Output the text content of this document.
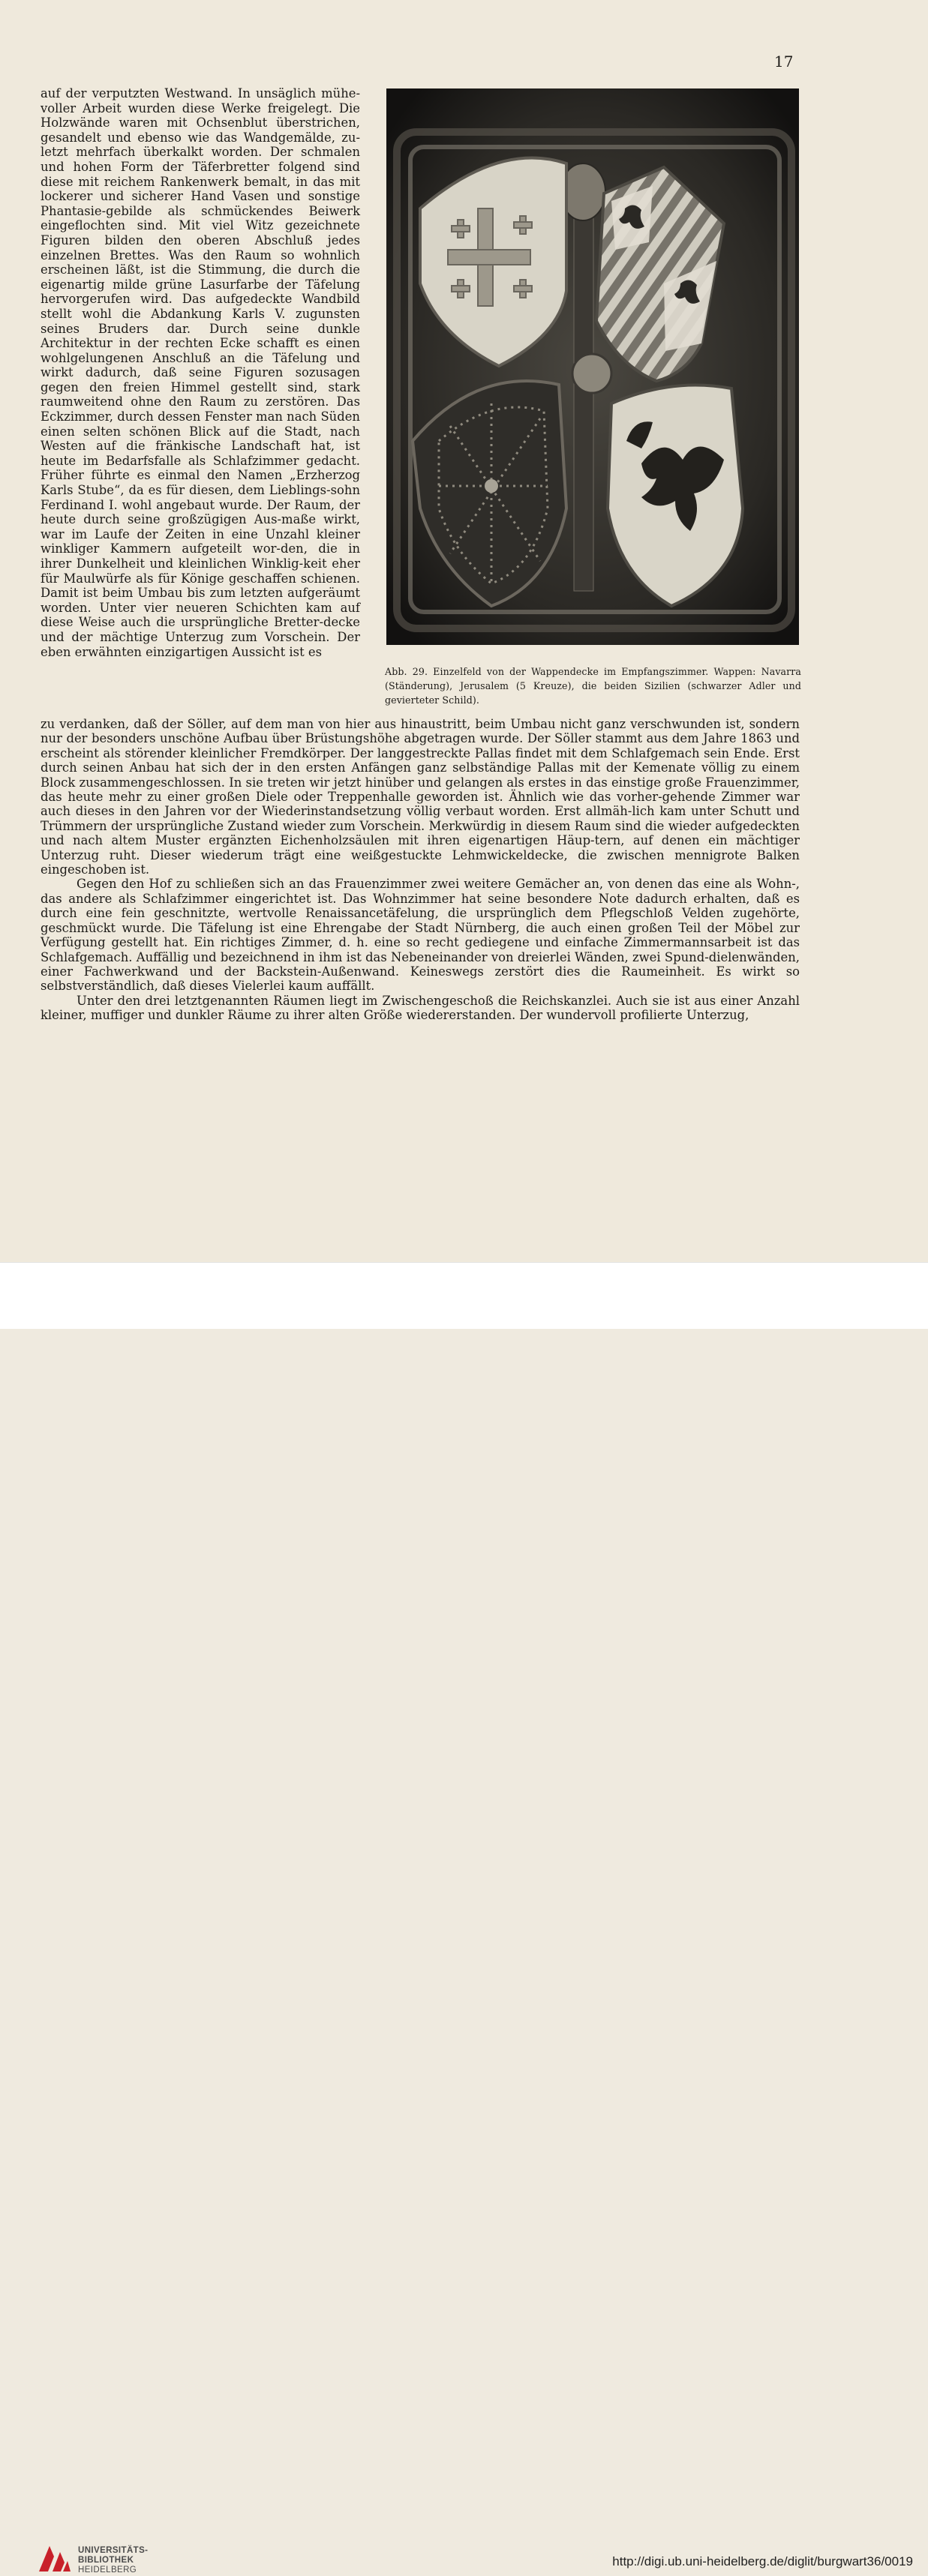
17

auf der verputzten Westwand. In unsäglich mühe-voller Arbeit wurden diese Werke freigelegt. Die Holzwände waren mit Ochsenblut überstrichen, gesandelt und ebenso wie das Wandgemälde, zu-letzt mehrfach überkalkt worden. Der schmalen und hohen Form der Täferbretter folgend sind diese mit reichem Rankenwerk bemalt, in das mit lockerer und sicherer Hand Vasen und sonstige Phantasie-gebilde als schmückendes Beiwerk eingeflochten sind. Mit viel Witz gezeichnete Figuren bilden den oberen Abschluß jedes einzelnen Brettes. Was den Raum so wohnlich erscheinen läßt, ist die Stimmung, die durch die eigenartig milde grüne Lasurfarbe der Täfelung hervorgerufen wird. Das aufgedeckte Wandbild stellt wohl die Abdankung Karls V. zugunsten seines Bruders dar. Durch seine dunkle Architektur in der rechten Ecke schafft es einen wohlgelungenen Anschluß an die Täfelung und wirkt dadurch, daß seine Figuren sozusagen gegen den freien Himmel gestellt sind, stark raumweitend ohne den Raum zu zerstören. Das Eckzimmer, durch dessen Fenster man nach Süden einen selten schönen Blick auf die Stadt, nach Westen auf die fränkische Landschaft hat, ist heute im Bedarfsfalle als Schlafzimmer gedacht. Früher führte es einmal den Namen „Erzherzog Karls Stube“, da es für diesen, dem Lieblings-sohn Ferdinand I. wohl angebaut wurde. Der Raum, der heute durch seine großzügigen Aus-maße wirkt, war im Laufe der Zeiten in eine Unzahl kleiner winkliger Kammern aufgeteilt wor-den, die in ihrer Dunkelheit und kleinlichen Winklig-keit eher für Maulwürfe als für Könige geschaffen schienen. Damit ist beim Umbau bis zum letzten aufgeräumt worden. Unter vier neueren Schichten kam auf diese Weise auch die ursprüngliche Bretter-decke und der mächtige Unterzug zum Vorschein. Der eben erwähnten einzigartigen Aussicht ist es

Abb. 29. Einzelfeld von der Wappendecke im Empfangszimmer. Wappen: Navarra (Ständerung), Jerusalem (5 Kreuze), die beiden Sizilien (schwarzer Adler und gevierteter Schild).

zu verdanken, daß der Söller, auf dem man von hier aus hinaustritt, beim Umbau nicht ganz verschwunden ist, sondern nur der besonders unschöne Aufbau über Brüstungshöhe abgetragen wurde. Der Söller stammt aus dem Jahre 1863 und erscheint als störender kleinlicher Fremdkörper. Der langgestreckte Pallas findet mit dem Schlafgemach sein Ende. Erst durch seinen Anbau hat sich der in den ersten Anfängen ganz selbständige Pallas mit der Kemenate völlig zu einem Block zusammengeschlossen. In sie treten wir jetzt hinüber und gelangen als erstes in das einstige große Frauenzimmer, das heute mehr zu einer großen Diele oder Treppenhalle geworden ist. Ähnlich wie das vorher-gehende Zimmer war auch dieses in den Jahren vor der Wiederinstandsetzung völlig verbaut worden. Erst allmäh-lich kam unter Schutt und Trümmern der ursprüngliche Zustand wieder zum Vorschein. Merkwürdig in diesem Raum sind die wieder aufgedeckten und nach altem Muster ergänzten Eichenholzsäulen mit ihren eigenartigen Häup-tern, auf denen ein mächtiger Unterzug ruht. Dieser wiederum trägt eine weißgestuckte Lehmwickeldecke, die zwischen mennigrote Balken eingeschoben ist.

Gegen den Hof zu schließen sich an das Frauenzimmer zwei weitere Gemächer an, von denen das eine als Wohn-, das andere als Schlafzimmer eingerichtet ist. Das Wohnzimmer hat seine besondere Note dadurch erhalten, daß es durch eine fein geschnitzte, wertvolle Renaissancetäfelung, die ursprünglich dem Pflegschloß Velden zugehörte, geschmückt wurde. Die Täfelung ist eine Ehrengabe der Stadt Nürnberg, die auch einen großen Teil der Möbel zur Verfügung gestellt hat. Ein richtiges Zimmer, d. h. eine so recht gediegene und einfache Zimmermannsarbeit ist das Schlafgemach. Auffällig und bezeichnend in ihm ist das Nebeneinander von dreierlei Wänden, zwei Spund-dielenwänden, einer Fachwerkwand und der Backstein-Außenwand. Keineswegs zerstört dies die Raumeinheit. Es wirkt so selbstverständlich, daß dieses Vielerlei kaum auffällt.

Unter den drei letztgenannten Räumen liegt im Zwischengeschoß die Reichskanzlei. Auch sie ist aus einer Anzahl kleiner, muffiger und dunkler Räume zu ihrer alten Größe wiedererstanden. Der wundervoll profilierte Unterzug,

UNIVERSITÄTS-
BIBLIOTHEK
HEIDELBERG
http://digi.ub.uni-heidelberg.de/diglit/burgwart36/0019
